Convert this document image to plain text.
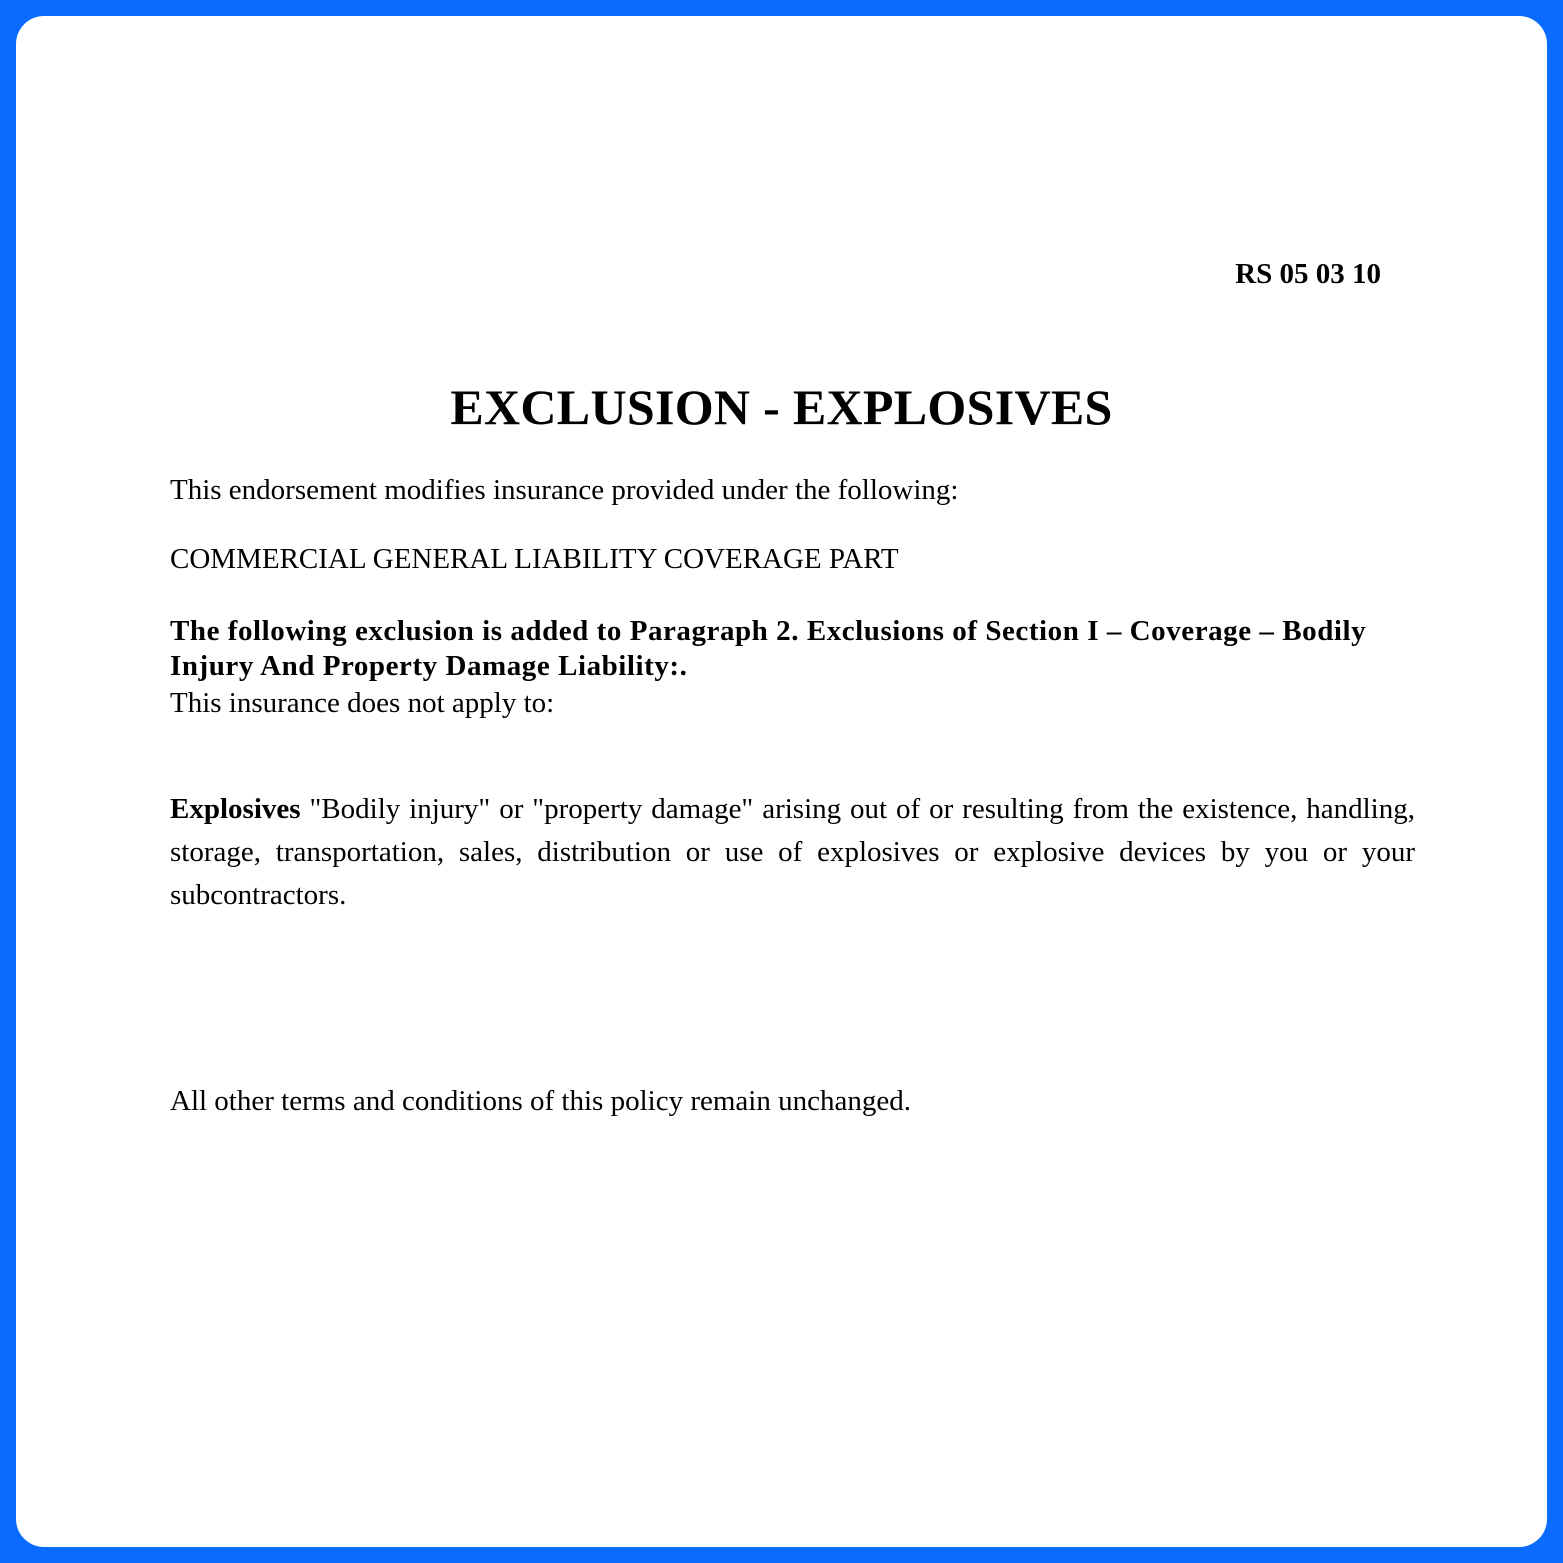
RS 05 03 10

EXCLUSION - EXPLOSIVES

This endorsement modifies insurance provided under the following:

COMMERCIAL GENERAL LIABILITY COVERAGE PART

The following exclusion is added to Paragraph 2. Exclusions of Section I – Coverage – Bodily Injury And Property Damage Liability:.

This insurance does not apply to:

Explosives "Bodily injury" or "property damage" arising out of or resulting from the existence, handling, storage, transportation, sales, distribution or use of explosives or explosive devices by you or your subcontractors.

All other terms and conditions of this policy remain unchanged.
